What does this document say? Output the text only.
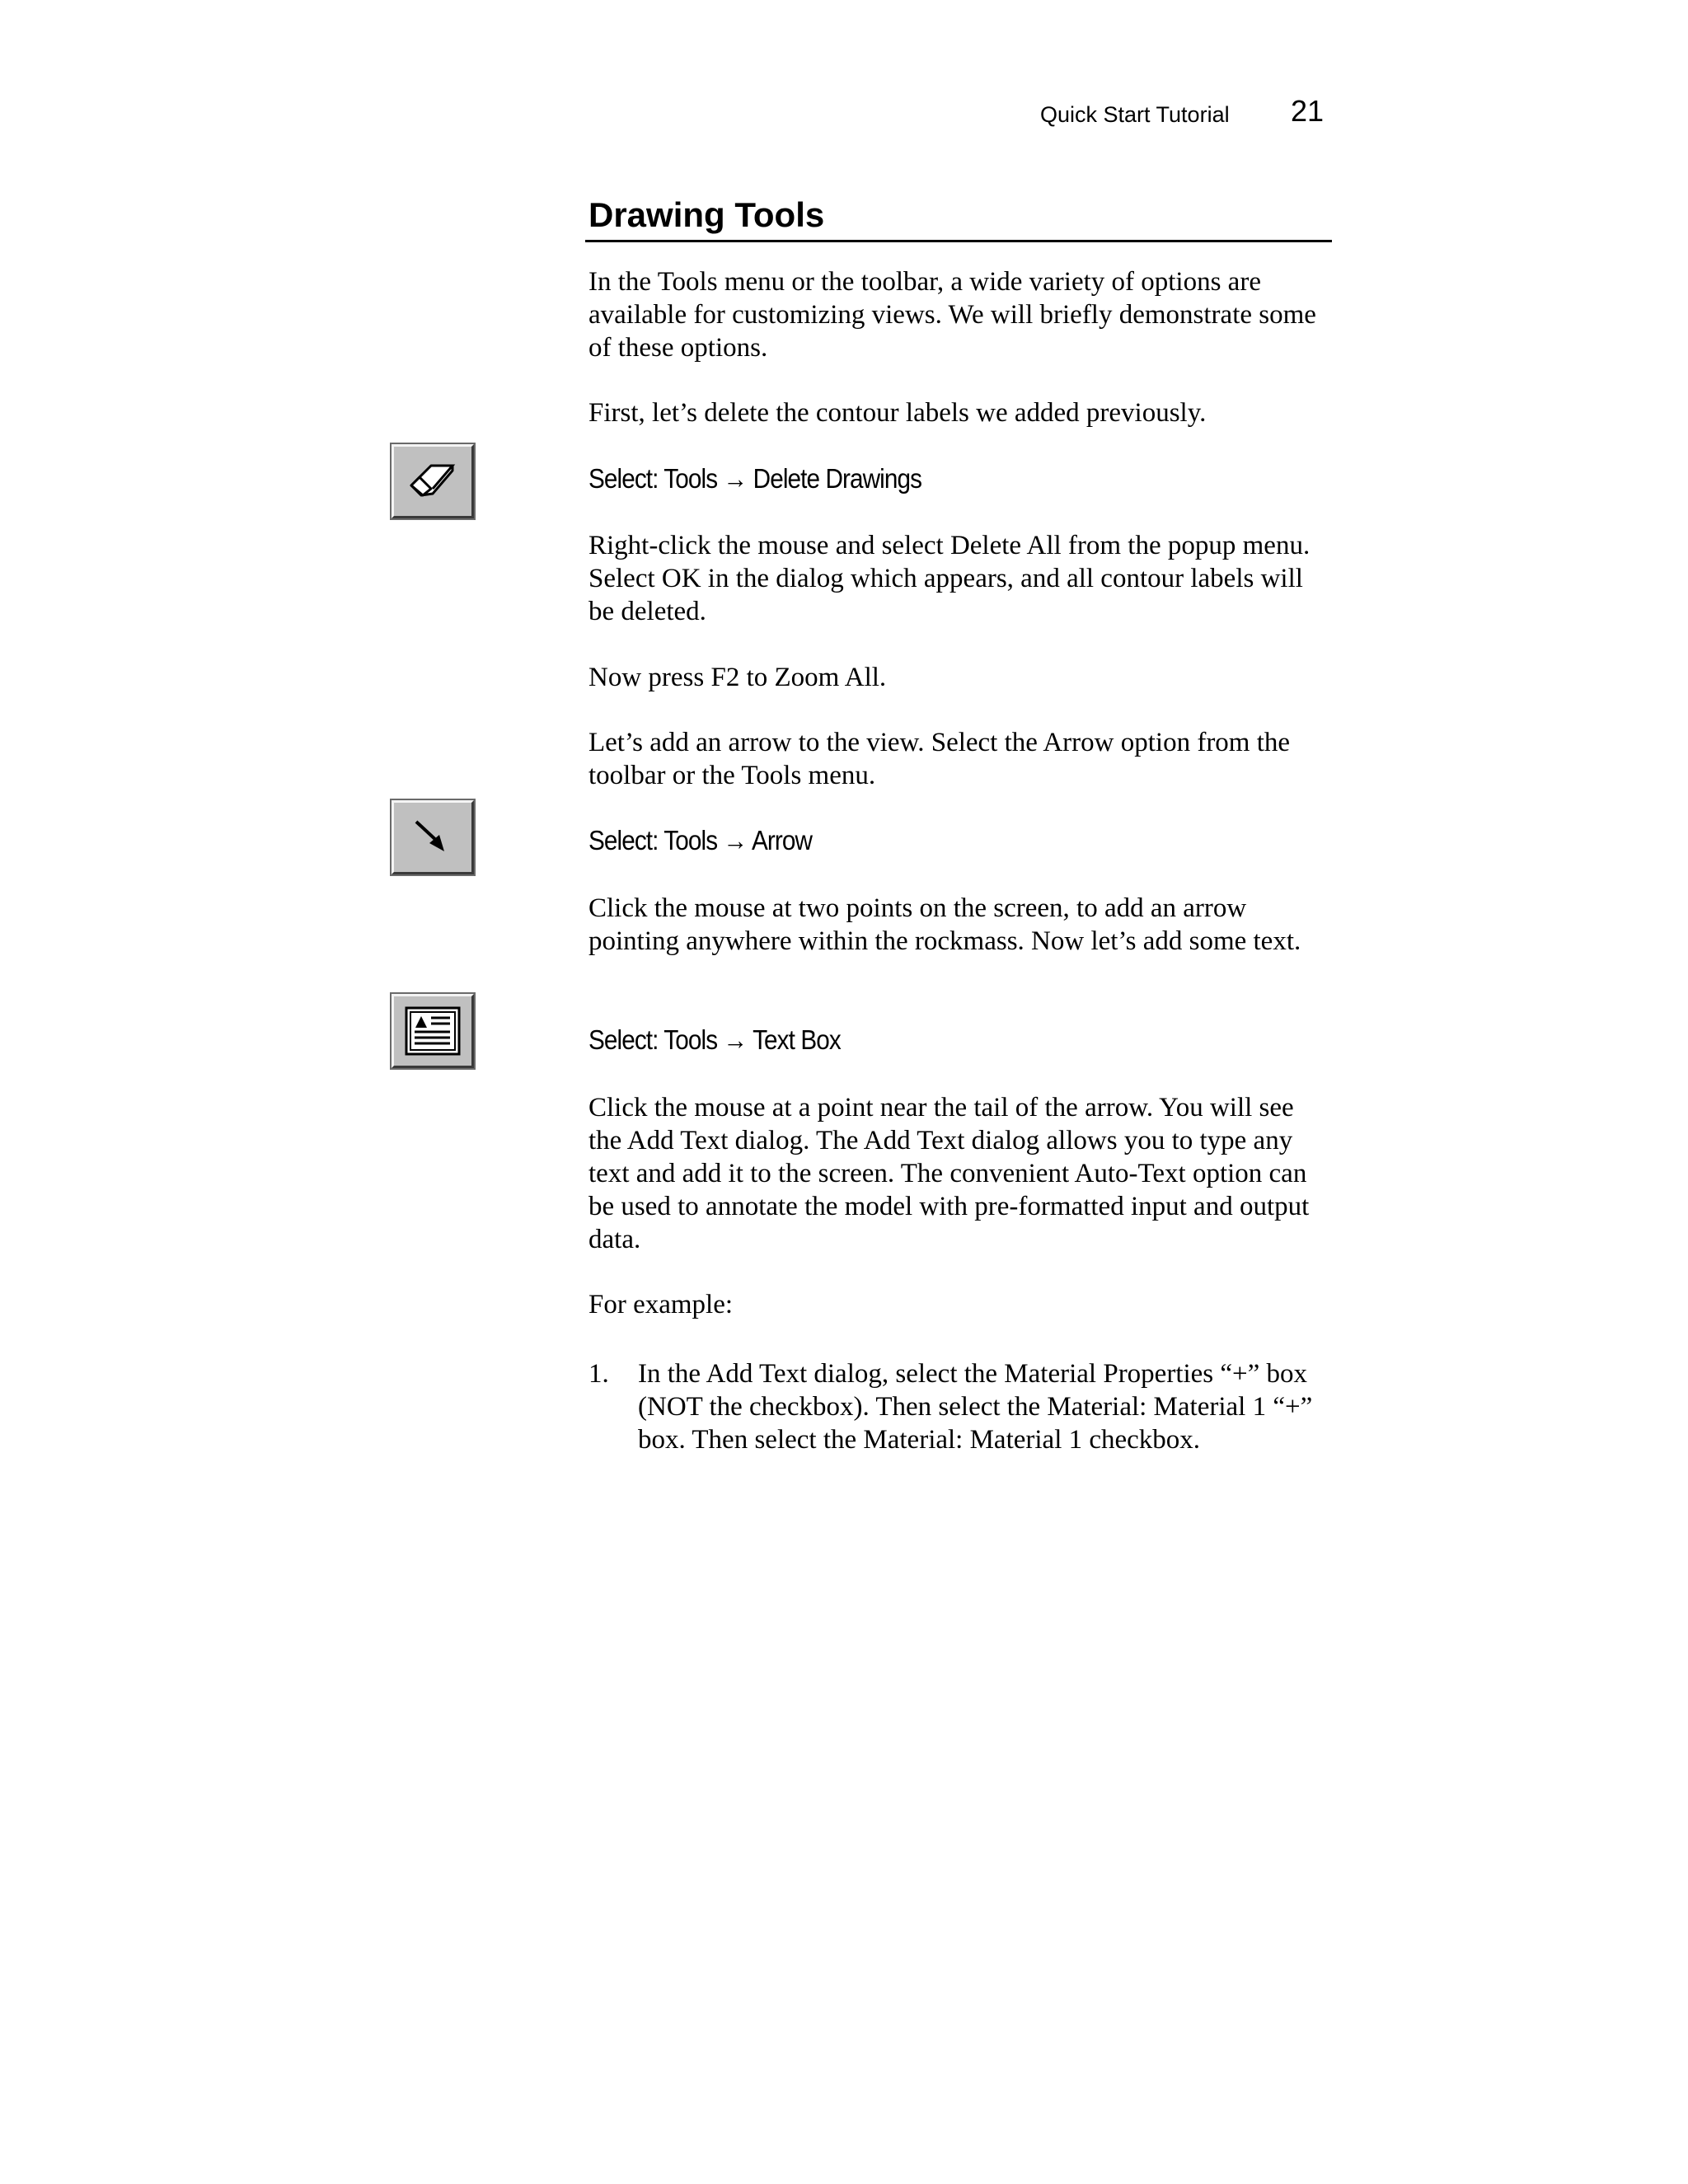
Quick Start Tutorial 21
Drawing Tools

In the Tools menu or the toolbar, a wide variety of options are available for customizing views. We will briefly demonstrate some of these options.

First, let’s delete the contour labels we added previously.

Select: Tools → Delete Drawings

Right-click the mouse and select Delete All from the popup menu. Select OK in the dialog which appears, and all contour labels will be deleted.

Now press F2 to Zoom All.

Let’s add an arrow to the view. Select the Arrow option from the toolbar or the Tools menu.

Select: Tools → Arrow

Click the mouse at two points on the screen, to add an arrow pointing anywhere within the rockmass. Now let’s add some text.

Select: Tools → Text Box

Click the mouse at a point near the tail of the arrow. You will see the Add Text dialog. The Add Text dialog allows you to type any text and add it to the screen. The convenient Auto-Text option can be used to annotate the model with pre-formatted input and output data.

For example:

1. In the Add Text dialog, select the Material Properties “+” box (NOT the checkbox). Then select the Material: Material 1 “+” box. Then select the Material: Material 1 checkbox.
